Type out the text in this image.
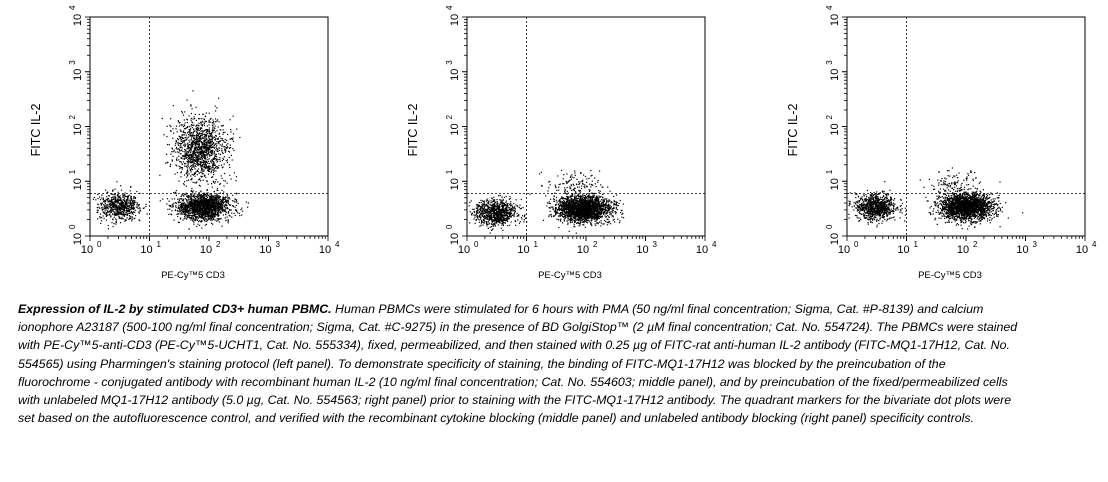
10 0	10 1	10 2	10 3	10 4
10
0
10
1
10
2
10
3
10
4
PE-Cy™5 CD3
FITC IL-2
10 0	10 1	10 2	10 3	10 4
10
0
10
1
10
2
10
3
10
4
PE-Cy™5 CD3
FITC IL-2
10 0	10 1	10 2	10 3	10 4
10
0
10
1
10
2
10
3
10
4
PE-Cy™5 CD3
FITC IL-2
Expression of IL-2 by stimulated CD3+ human PBMC. Human PBMCs were stimulated for 6 hours with PMA (50 ng/ml final concentration; Sigma, Cat. #P-8139) and calcium ionophore A23187 (500-100 ng/ml final concentration; Sigma, Cat. #C-9275) in the presence of BD GolgiStop™ (2 µM final concentration; Cat. No. 554724). The PBMCs were stained with PE-Cy™5-anti-CD3 (PE-Cy™5-UCHT1, Cat. No. 555334), fixed, permeabilized, and then stained with 0.25 µg of FITC-rat anti-human IL-2 antibody (FITC-MQ1-17H12, Cat. No. 554565) using Pharmingen's staining protocol (left panel). To demonstrate specificity of staining, the binding of FITC-MQ1-17H12 was blocked by the preincubation of the fluorochrome - conjugated antibody with recombinant human IL-2 (10 ng/ml final concentration; Cat. No. 554603; middle panel), and by preincubation of the fixed/permeabilized cells with unlabeled MQ1-17H12 antibody (5.0 µg, Cat. No. 554563; right panel) prior to staining with the FITC-MQ1-17H12 antibody. The quadrant markers for the bivariate dot plots were set based on the autofluorescence control, and verified with the recombinant cytokine blocking (middle panel) and unlabeled antibody blocking (right panel) specificity controls.
